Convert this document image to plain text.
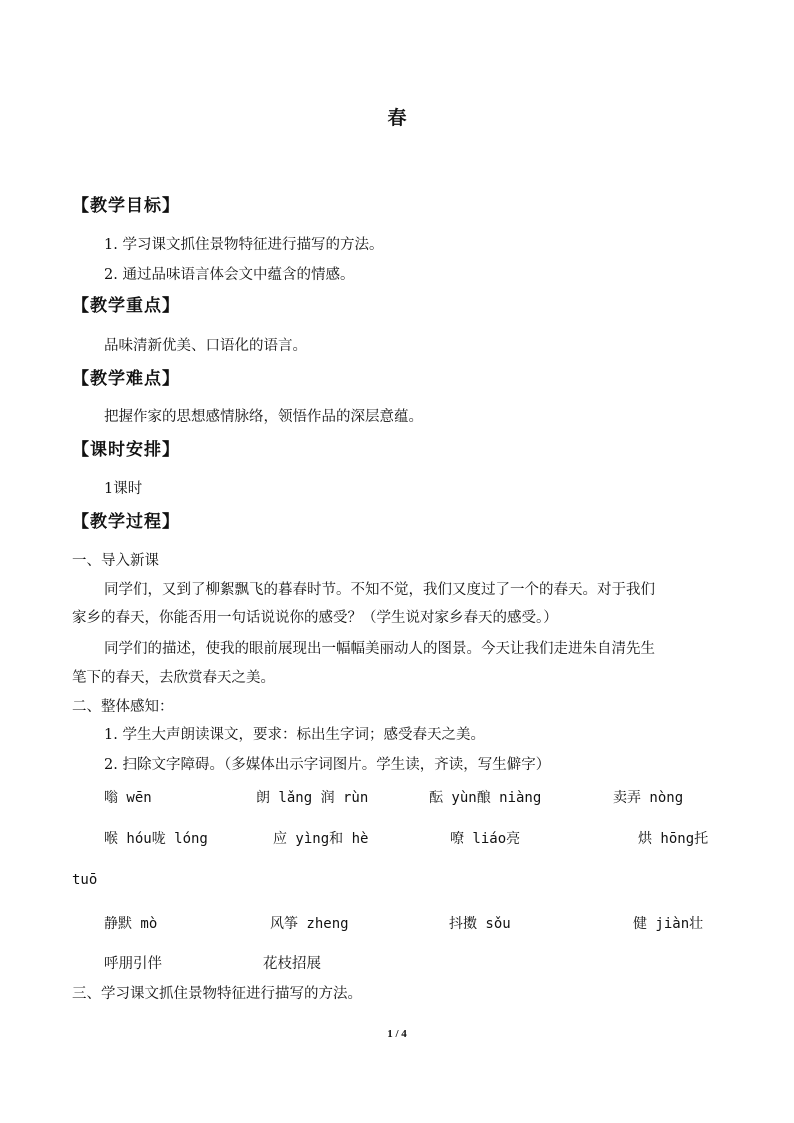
春
【教学目标】
1. 学习课文抓住景物特征进行描写的方法。
2. 通过品味语言体会文中蕴含的情感。
【教学重点】
品味清新优美、口语化的语言。
【教学难点】
把握作家的思想感情脉络，领悟作品的深层意蕴。
【课时安排】
1课时
【教学过程】
一、导入新课
同学们，又到了柳絮飘飞的暮春时节。不知不觉，我们又度过了一个的春天。对于我们
家乡的春天，你能否用一句话说说你的感受？（学生说对家乡春天的感受。）
同学们的描述，使我的眼前展现出一幅幅美丽动人的图景。今天让我们走进朱自清先生
笔下的春天，去欣赏春天之美。
二、整体感知：
1. 学生大声朗读课文，要求：标出生字词；感受春天之美。
2. 扫除文字障碍。（多媒体出示字词图片。学生读，齐读，写生僻字）
嗡 wēn	朗 lǎng 润 rùn	酝 yùn酿 niàng	卖弄 nòng
喉 hóu咙 lóng	应 yìng和 hè	嘹 liáo亮	烘 hōng托
tuō
静默 mò	风筝 zheng	抖擞 sǒu	健 jiàn壮
呼朋引伴	花枝招展
三、学习课文抓住景物特征进行描写的方法。
1 / 4
